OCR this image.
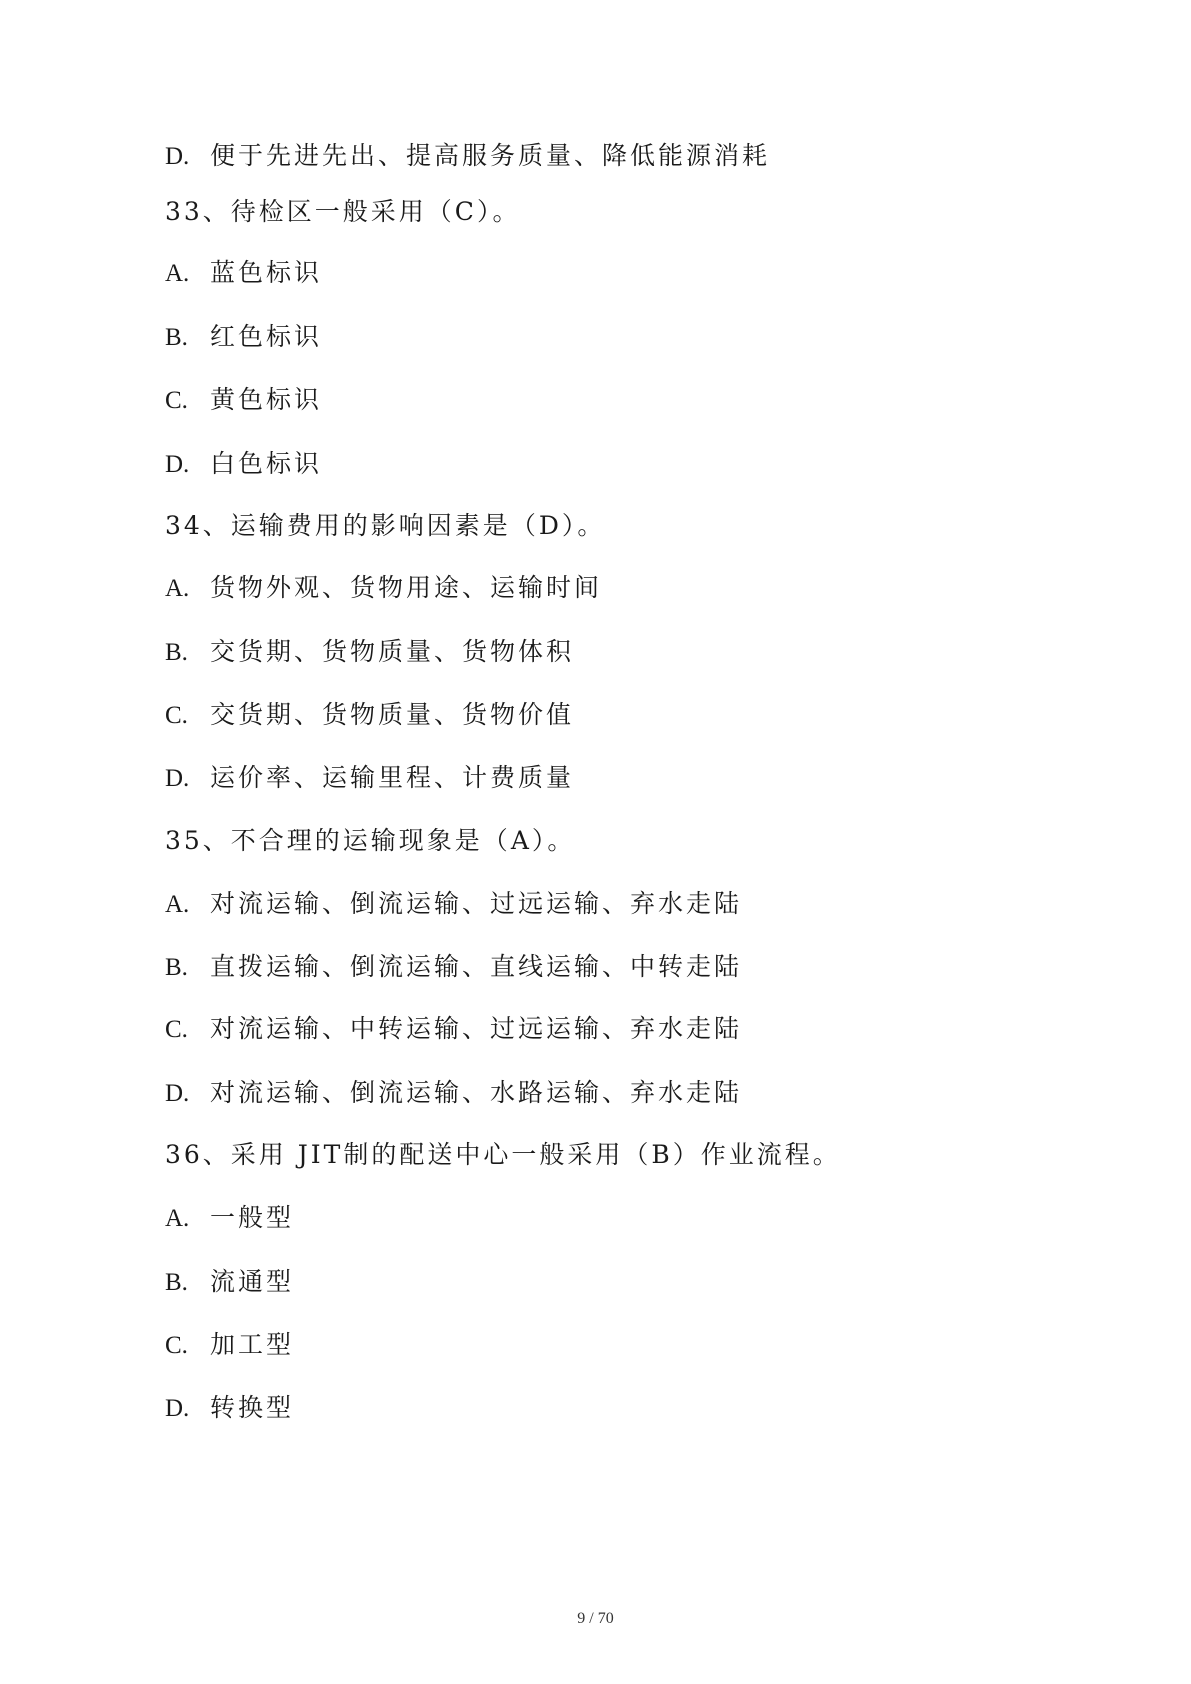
D. 便于先进先出、提高服务质量、降低能源消耗
33、待检区一般采用（C）。
A. 蓝色标识
B. 红色标识
C. 黄色标识
D. 白色标识
34、运输费用的影响因素是（D）。
A. 货物外观、货物用途、运输时间
B. 交货期、货物质量、货物体积
C. 交货期、货物质量、货物价值
D. 运价率、运输里程、计费质量
35、不合理的运输现象是（A）。
A. 对流运输、倒流运输、过远运输、弃水走陆
B. 直拨运输、倒流运输、直线运输、中转走陆
C. 对流运输、中转运输、过远运输、弃水走陆
D. 对流运输、倒流运输、水路运输、弃水走陆
36、采用 JIT制的配送中心一般采用（B）作业流程。
A. 一般型
B. 流通型
C. 加工型
D. 转换型
9 / 70
